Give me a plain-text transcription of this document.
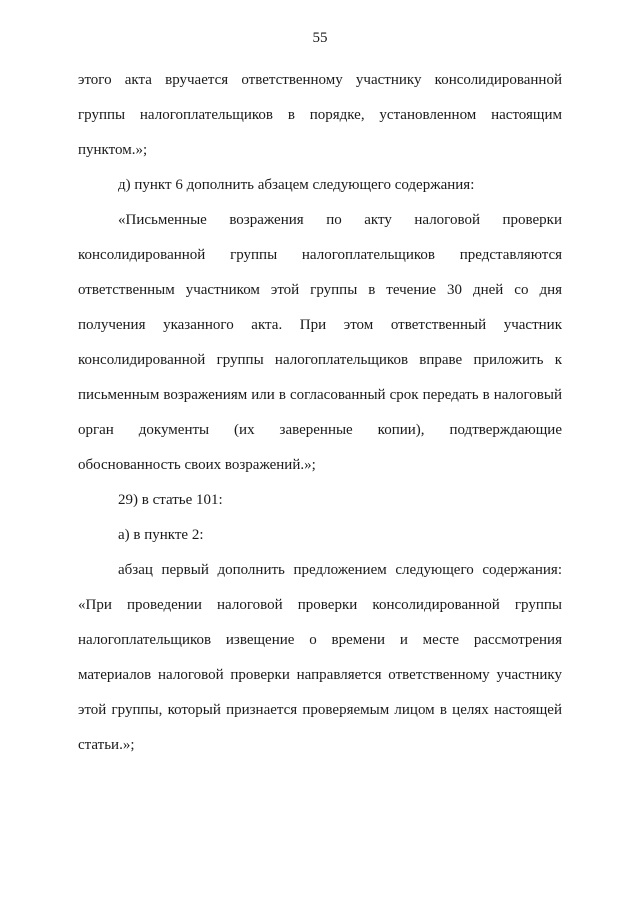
55

этого акта вручается ответственному участнику консолидированной группы налогоплательщиков в порядке, установленном настоящим пунктом.»;

д) пункт 6 дополнить абзацем следующего содержания:

«Письменные возражения по акту налоговой проверки консолидированной группы налогоплательщиков представляются ответственным участником этой группы в течение 30 дней со дня получения указанного акта. При этом ответственный участник консолидированной группы налогоплательщиков вправе приложить к письменным возражениям или в согласованный срок передать в налоговый орган документы (их заверенные копии), подтверждающие обоснованность своих возражений.»;

29) в статье 101:

а) в пункте 2:

абзац первый дополнить предложением следующего содержания: «При проведении налоговой проверки консолидированной группы налогоплательщиков извещение о времени и месте рассмотрения материалов налоговой проверки направляется ответственному участнику этой группы, который признается проверяемым лицом в целях настоящей статьи.»;
